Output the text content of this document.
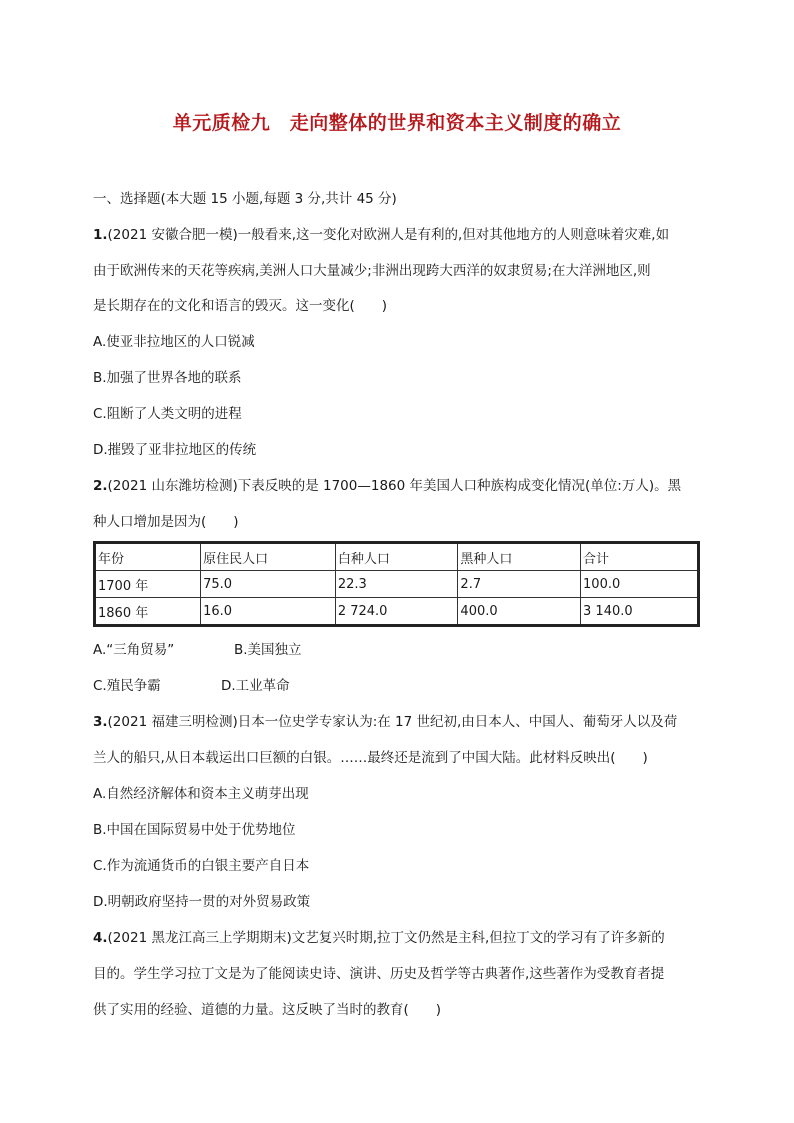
单元质检九　走向整体的世界和资本主义制度的确立
一、选择题(本大题 15 小题,每题 3 分,共计 45 分)
1.(2021 安徽合肥一模)一般看来,这一变化对欧洲人是有利的,但对其他地方的人则意味着灾难,如
由于欧洲传来的天花等疾病,美洲人口大量减少;非洲出现跨大西洋的奴隶贸易;在大洋洲地区,则
是长期存在的文化和语言的毁灭。这一变化(　　)
A.使亚非拉地区的人口锐减
B.加强了世界各地的联系
C.阻断了人类文明的进程
D.摧毁了亚非拉地区的传统
2.(2021 山东潍坊检测)下表反映的是 1700—1860 年美国人口种族构成变化情况(单位:万人)。黑
种人口增加是因为(　　)
年份	原住民人口	白种人口	黑种人口	合计
1700 年	75.0	22.3	2.7	100.0
1860 年	16.0	2 724.0	400.0	3 140.0
A.“三角贸易”	B.美国独立
C.殖民争霸	D.工业革命
3.(2021 福建三明检测)日本一位史学专家认为:在 17 世纪初,由日本人、中国人、葡萄牙人以及荷
兰人的船只,从日本载运出口巨额的白银。……最终还是流到了中国大陆。此材料反映出(　　)
A.自然经济解体和资本主义萌芽出现
B.中国在国际贸易中处于优势地位
C.作为流通货币的白银主要产自日本
D.明朝政府坚持一贯的对外贸易政策
4.(2021 黑龙江高三上学期期末)文艺复兴时期,拉丁文仍然是主科,但拉丁文的学习有了许多新的
目的。学生学习拉丁文是为了能阅读史诗、演讲、历史及哲学等古典著作,这些著作为受教育者提
供了实用的经验、道德的力量。这反映了当时的教育(　　)
